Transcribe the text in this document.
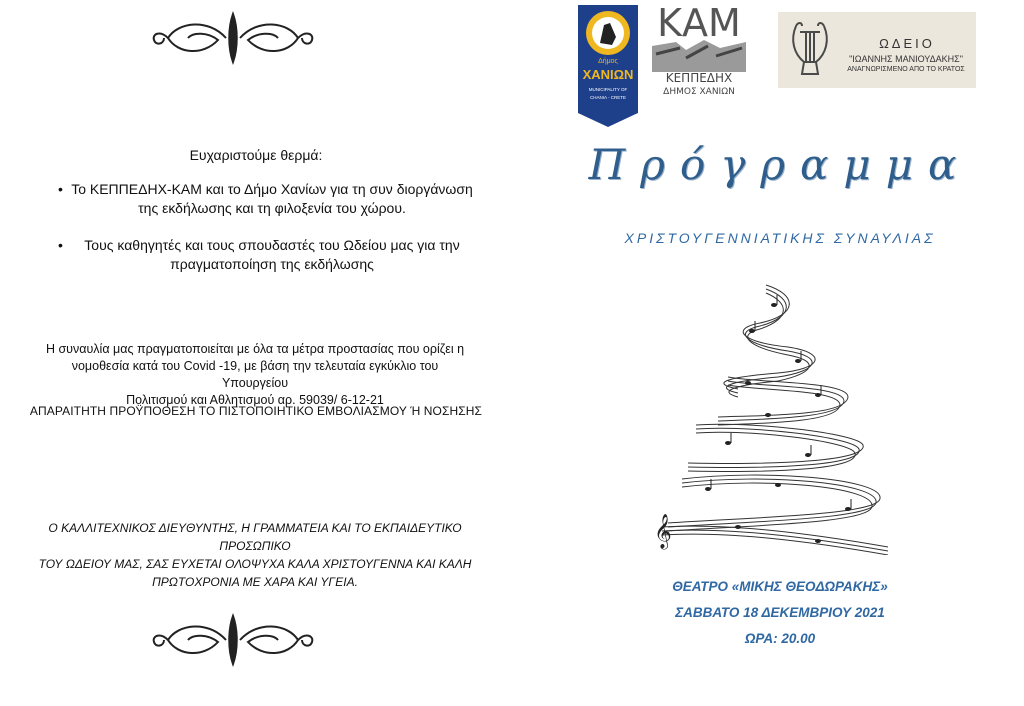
Ευχαριστούμε θερμά:
• Το ΚΕΠΠΕΔΗΧ-ΚΑΜ και το Δήμο Χανίων για τη συν διοργάνωση της εκδήλωσης και τη φιλοξενία του χώρου.
• Τους καθηγητές και τους σπουδαστές του Ωδείου μας για την πραγματοποίηση της εκδήλωσης
Η συναυλία μας πραγματοποιείται με όλα τα μέτρα προστασίας που ορίζει η
νομοθεσία κατά του Covid -19, με βάση την τελευταία εγκύκλιο του Υπουργείου
Πολιτισμού και Αθλητισμού αρ. 59039/ 6-12-21
ΑΠΑΡΑΙΤΗΤΗ ΠΡΟΫΠΟΘΕΣΗ ΤΟ ΠΙΣΤΟΠΟΙΗΤΙΚΟ ΕΜΒΟΛΙΑΣΜΟΥ Ή ΝΟΣΗΣΗΣ
Ο ΚΑΛΛΙΤΕΧΝΙΚΟΣ ΔΙΕΥΘΥΝΤΗΣ, Η ΓΡΑΜΜΑΤΕΙΑ ΚΑΙ ΤΟ ΕΚΠΑΙΔΕΥΤΙΚΟ ΠΡΟΣΩΠΙΚΟ
ΤΟΥ ΩΔΕΙΟΥ ΜΑΣ, ΣΑΣ ΕΥΧΕΤΑΙ ΟΛΟΨΥΧΑ ΚΑΛΑ ΧΡΙΣΤΟΥΓΕΝΝΑ ΚΑΙ ΚΑΛΗ
ΠΡΩΤΟΧΡΟΝΙΑ ΜΕ ΧΑΡΑ ΚΑΙ ΥΓΕΙΑ.
Δήμος
ΧΑΝΙΩΝ
MUNICIPALITY OF
CHANIA - CRETE
ΚΑΜ
ΚΕΠΠΕΔΗΧ
ΔΗΜΟΣ ΧΑΝΙΩΝ
ΩΔΕΙΟ
"ΙΩΑΝΝΗΣ ΜΑΝΙΟΥΔΑΚΗΣ"
ΑΝΑΓΝΩΡΙΣΜΕΝΟ ΑΠΟ ΤΟ ΚΡΑΤΟΣ
Πρόγραμμα
ΧΡΙΣΤΟΥΓΕΝΝΙΑΤΙΚΗΣ ΣΥΝΑΥΛΙΑΣ
𝄞
ΘΕΑΤΡΟ «ΜΙΚΗΣ ΘΕΟΔΩΡΑΚΗΣ»
ΣΑΒΒΑΤΟ 18 ΔΕΚΕΜΒΡΙΟΥ 2021
ΩΡΑ: 20.00
